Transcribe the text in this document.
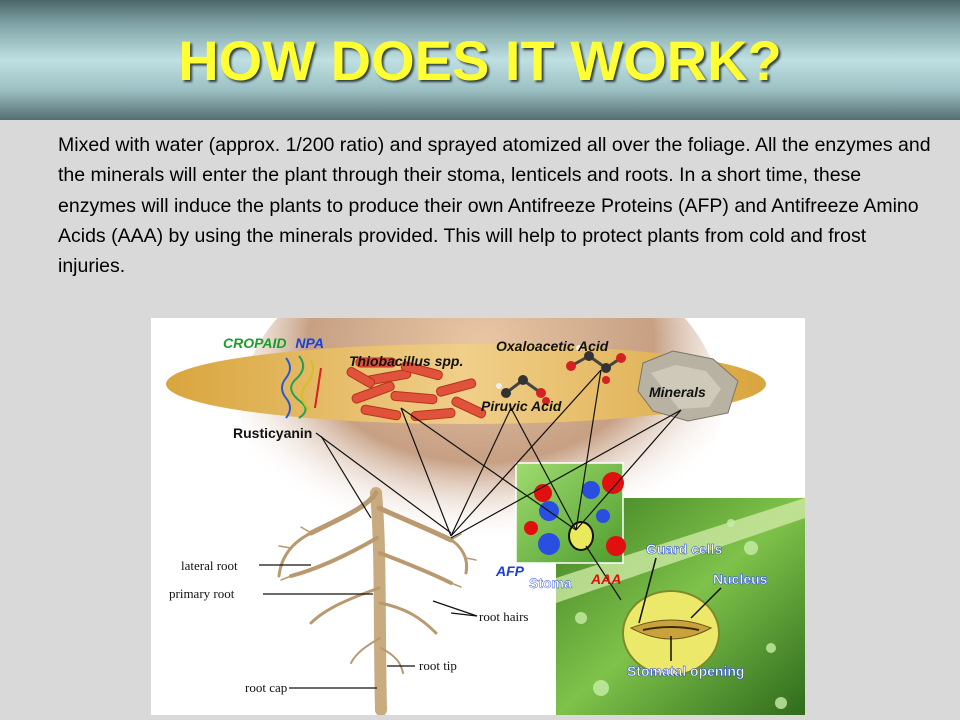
HOW DOES IT WORK?

Mixed with water (approx. 1/200 ratio) and sprayed atomized all over the foliage. All the enzymes and the minerals will enter the plant through their stoma, lenticels and roots. In a short time, these enzymes will induce the plants to produce their own Antifreeze Proteins (AFP) and Antifreeze Amino Acids (AAA) by using the minerals provided. This will help to protect plants from cold and frost injuries.

CROPAID NPA
Thiobacillus spp.
Oxaloacetic Acid
Piruvic Acid
Minerals
Rusticyanin
lateral root
primary root
root hairs
root tip
root cap
AFP
Stoma AAA
Guard cells
Nucleus
Stomatal opening
